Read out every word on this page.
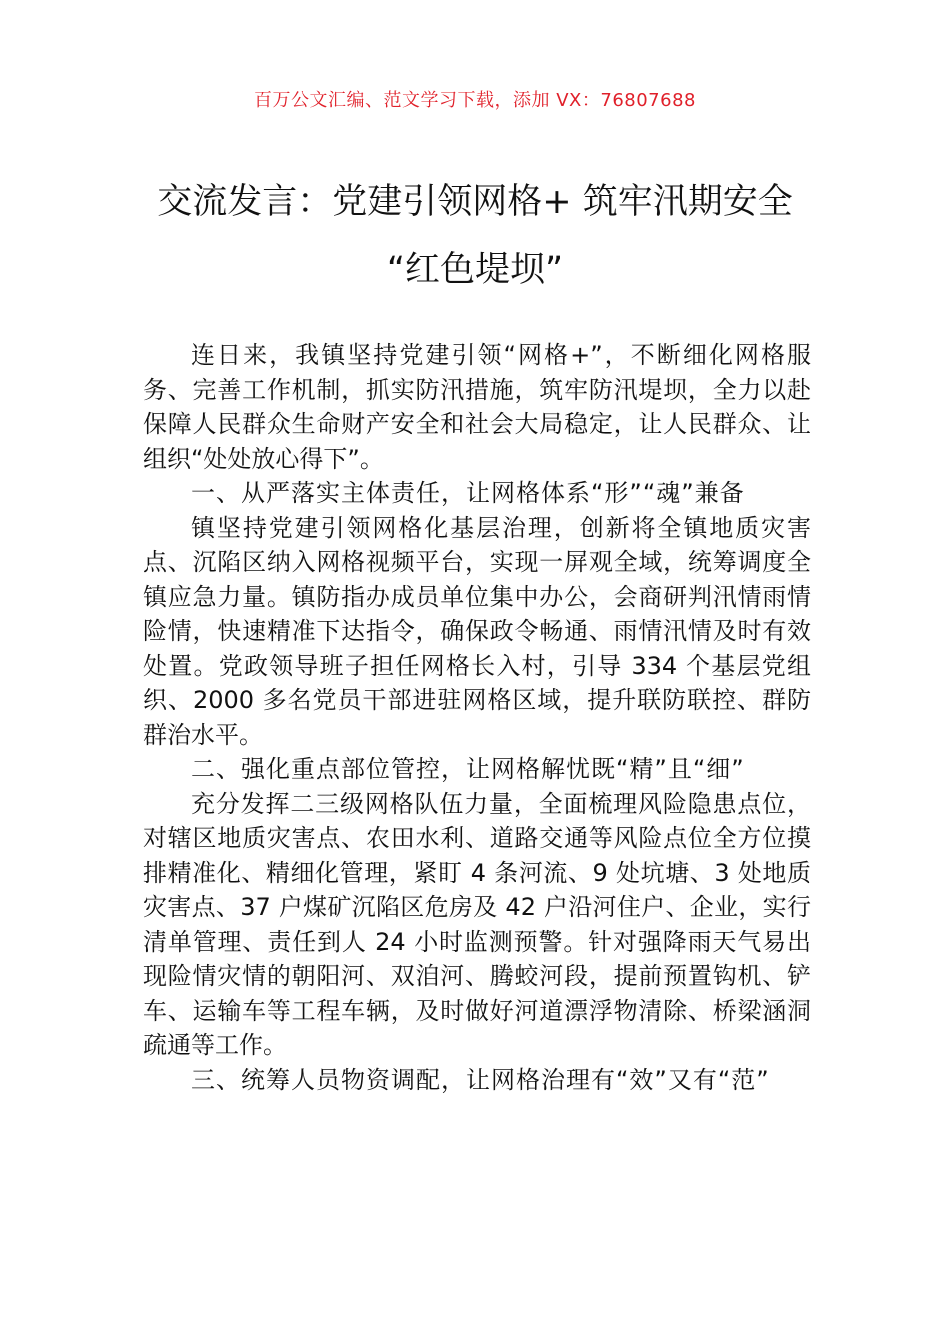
百万公文汇编、范文学习下载，添加 VX：76807688
交流发言：党建引领网格+ 筑牢汛期安全
“红色堤坝”

连日来，我镇坚持党建引领“网格+”，不断细化网格服务、完善工作机制，抓实防汛措施，筑牢防汛堤坝，全力以赴保障人民群众生命财产安全和社会大局稳定，让人民群众、让组织“处处放心得下”。

一、从严落实主体责任，让网格体系“形”“魂”兼备

镇坚持党建引领网格化基层治理，创新将全镇地质灾害点、沉陷区纳入网格视频平台，实现一屏观全域，统筹调度全镇应急力量。镇防指办成员单位集中办公，会商研判汛情雨情险情，快速精准下达指令，确保政令畅通、雨情汛情及时有效处置。党政领导班子担任网格长入村，引导 334 个基层党组织、2000 多名党员干部进驻网格区域，提升联防联控、群防群治水平。

二、强化重点部位管控，让网格解忧既“精”且“细”

充分发挥二三级网格队伍力量，全面梳理风险隐患点位，对辖区地质灾害点、农田水利、道路交通等风险点位全方位摸排精准化、精细化管理，紧盯 4 条河流、9 处坑塘、3 处地质灾害点、37 户煤矿沉陷区危房及 42 户沿河住户、企业，实行清单管理、责任到人 24 小时监测预警。针对强降雨天气易出现险情灾情的朝阳河、双洎河、腾蛟河段，提前预置钩机、铲车、运输车等工程车辆，及时做好河道漂浮物清除、桥梁涵洞疏通等工作。

三、统筹人员物资调配，让网格治理有“效”又有“范”
